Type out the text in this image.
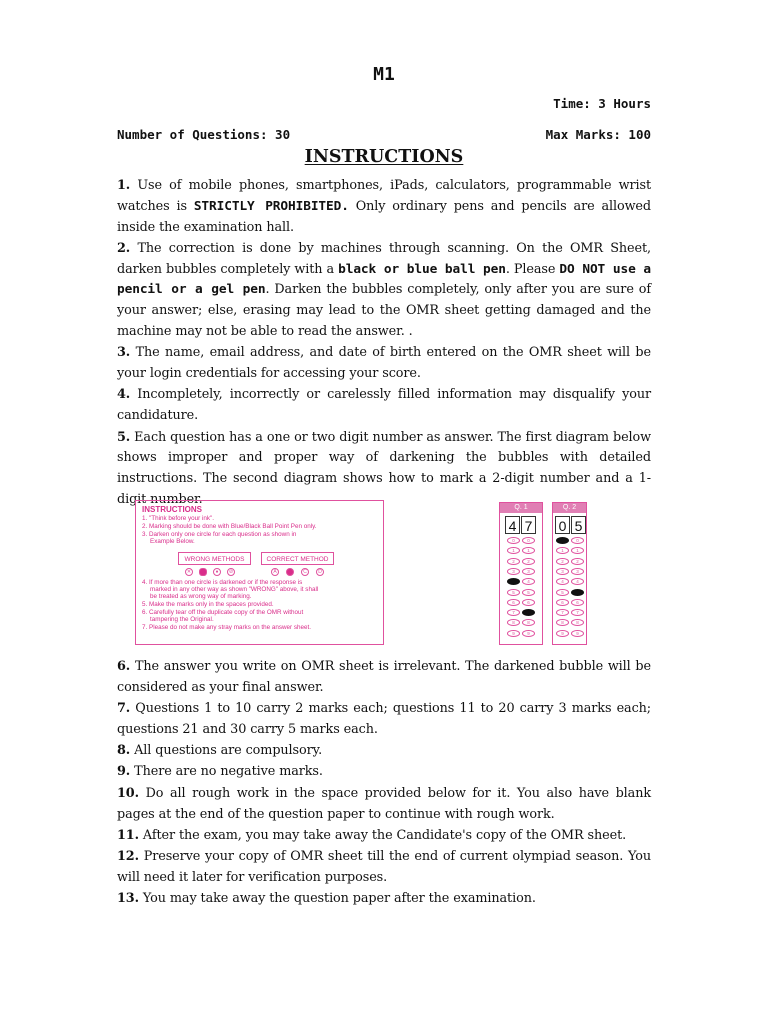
M1
Time: 3 Hours
Number of Questions: 30	Max Marks: 100
INSTRUCTIONS

1. Use of mobile phones, smartphones, iPads, calculators, programmable wrist watches is STRICTLY PROHIBITED. Only ordinary pens and pencils are allowed inside the examination hall.

2. The correction is done by machines through scanning. On the OMR Sheet, darken bubbles completely with a black or blue ball pen. Please DO NOT use a pencil or a gel pen. Darken the bubbles completely, only after you are sure of your answer; else, erasing may lead to the OMR sheet getting damaged and the machine may not be able to read the answer. .

3. The name, email address, and date of birth entered on the OMR sheet will be your login credentials for accessing your score.

4. Incompletely, incorrectly or carelessly filled information may disqualify your candidature.

5. Each question has a one or two digit number as answer. The first diagram below shows improper and proper way of darkening the bubbles with detailed instructions. The second diagram shows how to mark a 2-digit number and a 1-digit number.

INSTRUCTIONS
1. "Think before your ink".
2. Marking should be done with Blue/Black Ball Point Pen only.
3. Darken only one circle for each question as shown in
Example Below.
WRONG METHODS	CORRECT METHOD
✕	●	⊘	A	C	D
4. If more than one circle is darkened or if the response is
marked in any other way as shown "WRONG" above, it shall
be treated as wrong way of marking.
5. Make the marks only in the spaces provided.
6. Carefully tear off the duplicate copy of the OMR without
tampering the Original.
7. Please do not make any stray marks on the answer sheet.
Q. 1
4 7
0	0
1	1
2	2
3	3
4
5	5
6	6
7
8	8
9	9
Q. 2
0 5
0
1	1
2	2
3	3
4	4
5
6	6
7	7
8	8
9	9

6. The answer you write on OMR sheet is irrelevant. The darkened bubble will be considered as your final answer.

7. Questions 1 to 10 carry 2 marks each; questions 11 to 20 carry 3 marks each; questions 21 and 30 carry 5 marks each.

8. All questions are compulsory.

9. There are no negative marks.

10. Do all rough work in the space provided below for it. You also have blank pages at the end of the question paper to continue with rough work.

11. After the exam, you may take away the Candidate's copy of the OMR sheet.

12. Preserve your copy of OMR sheet till the end of current olympiad season. You will need it later for verification purposes.

13. You may take away the question paper after the examination.
